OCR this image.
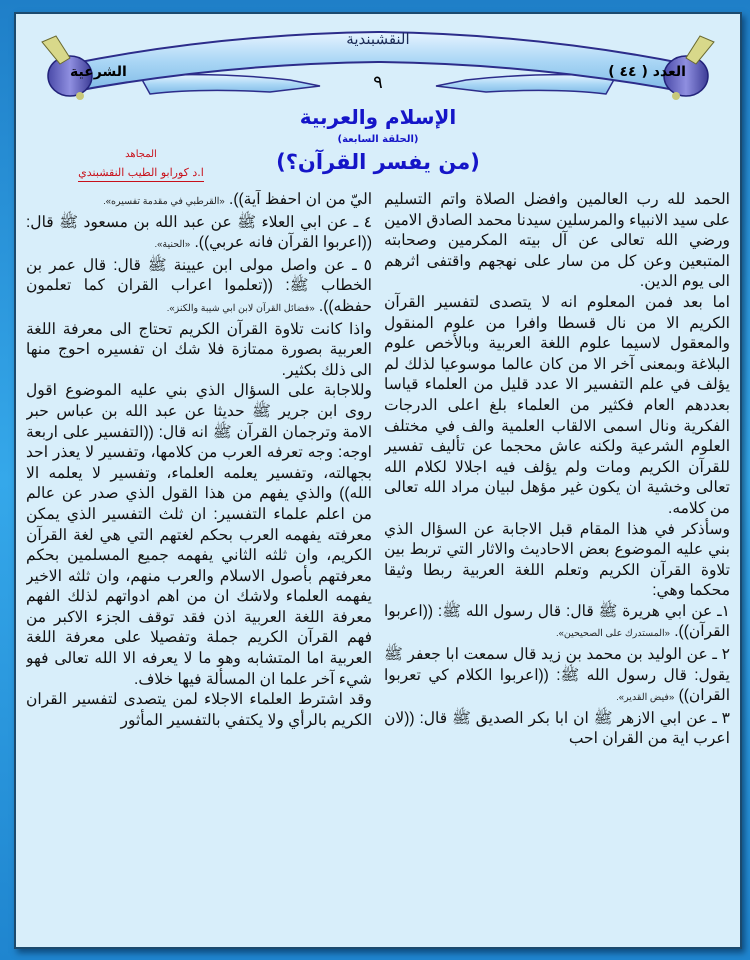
النقشبندية
العدد ( ٤٤ )
الشرعية	٩
الإسلام والعربية
(الحلقة السابعة)
(من يفسر القرآن؟)
المجاهد
ا.د كورابو الطيب النقشبندي

الحمد لله رب العالمين وافضل الصلاة واتم التسليم على سيد الانبياء والمرسلين سيدنا محمد الصادق الامين ورضي الله تعالى عن آل بيته المكرمين وصحابته المتبعين وعن كل من سار على نهجهم واقتفى اثرهم الى يوم الدين.

اما بعد فمن المعلوم انه لا يتصدى لتفسير القرآن الكريم الا من نال قسطا وافرا من علوم المنقول والمعقول لاسيما علوم اللغة العربية وبالأخص علوم البلاغة وبمعنى آخر الا من كان عالما موسوعيا لذلك لم يؤلف في علم التفسير الا عدد قليل من العلماء قياسا بعددهم العام فكثير من العلماء بلغ اعلى الدرجات الفكرية ونال اسمى الالقاب العلمية والف في مختلف العلوم الشرعية ولكنه عاش محجما عن تأليف تفسير للقرآن الكريم ومات ولم يؤلف فيه اجلالا لكلام الله تعالى وخشية ان يكون غير مؤهل لبيان مراد الله تعالى من كلامه.

وسأذكر في هذا المقام قبل الاجابة عن السؤال الذي بني عليه الموضوع بعض الاحاديث والاثار التي تربط بين تلاوة القرآن الكريم وتعلم اللغة العربية ربطا وثيقا محكما وهي:

١ـ عن ابي هريرة ﷺ قال: قال رسول الله ﷺ: ((اعربوا القرآن)). «المستدرك على الصحيحين».

٢ ـ عن الوليد بن محمد بن زيد قال سمعت ابا جعفر ﷺ يقول: قال رسول الله ﷺ: ((اعربوا الكلام كي تعربوا القران)) «فيض القدير».

٣ ـ عن ابي الازهر ﷺ ان ابا بكر الصديق ﷺ قال: ((لان اعرب اية من القران احب

اليّ من ان احفظ آية)). «القرطبي في مقدمة تفسيره».

٤ ـ عن ابي العلاء ﷺ عن عبد الله بن مسعود ﷺ قال: ((اعربوا القرآن فانه عربي)). «الحنية».

٥ ـ عن واصل مولى ابن عيينة ﷺ قال: قال عمر بن الخطاب ﷺ: ((تعلموا اعراب القران كما تعلمون حفظه)). «فضائل القرآن لابن ابي شيبة والكنز».

واذا كانت تلاوة القرآن الكريم تحتاج الى معرفة اللغة العربية بصورة ممتازة فلا شك ان تفسيره احوج منها الى ذلك بكثير.

وللاجابة على السؤال الذي بني عليه الموضوع اقول روى ابن جرير ﷺ حديثا عن عبد الله بن عباس حبر الامة وترجمان القرآن ﷺ انه قال: ((التفسير على اربعة اوجه: وجه تعرفه العرب من كلامها، وتفسير لا يعذر احد بجهالته، وتفسير يعلمه العلماء، وتفسير لا يعلمه الا الله)) والذي يفهم من هذا القول الذي صدر عن عالم من اعلم علماء التفسير: ان ثلث التفسير الذي يمكن معرفته يفهمه العرب بحكم لغتهم التي هي لغة القرآن الكريم، وان ثلثه الثاني يفهمه جميع المسلمين بحكم معرفتهم بأصول الاسلام والعرب منهم، وان ثلثه الاخير يفهمه العلماء ولاشك ان من اهم ادواتهم لذلك الفهم معرفة اللغة العربية اذن فقد توقف الجزء الاكبر من فهم القرآن الكريم جملة وتفصيلا على معرفة اللغة العربية اما المتشابه وهو ما لا يعرفه الا الله تعالى فهو شيء آخر علما ان المسألة فيها خلاف.

وقد اشترط العلماء الاجلاء لمن يتصدى لتفسير القران الكريم بالرأي ولا يكتفي بالتفسير المأثور
